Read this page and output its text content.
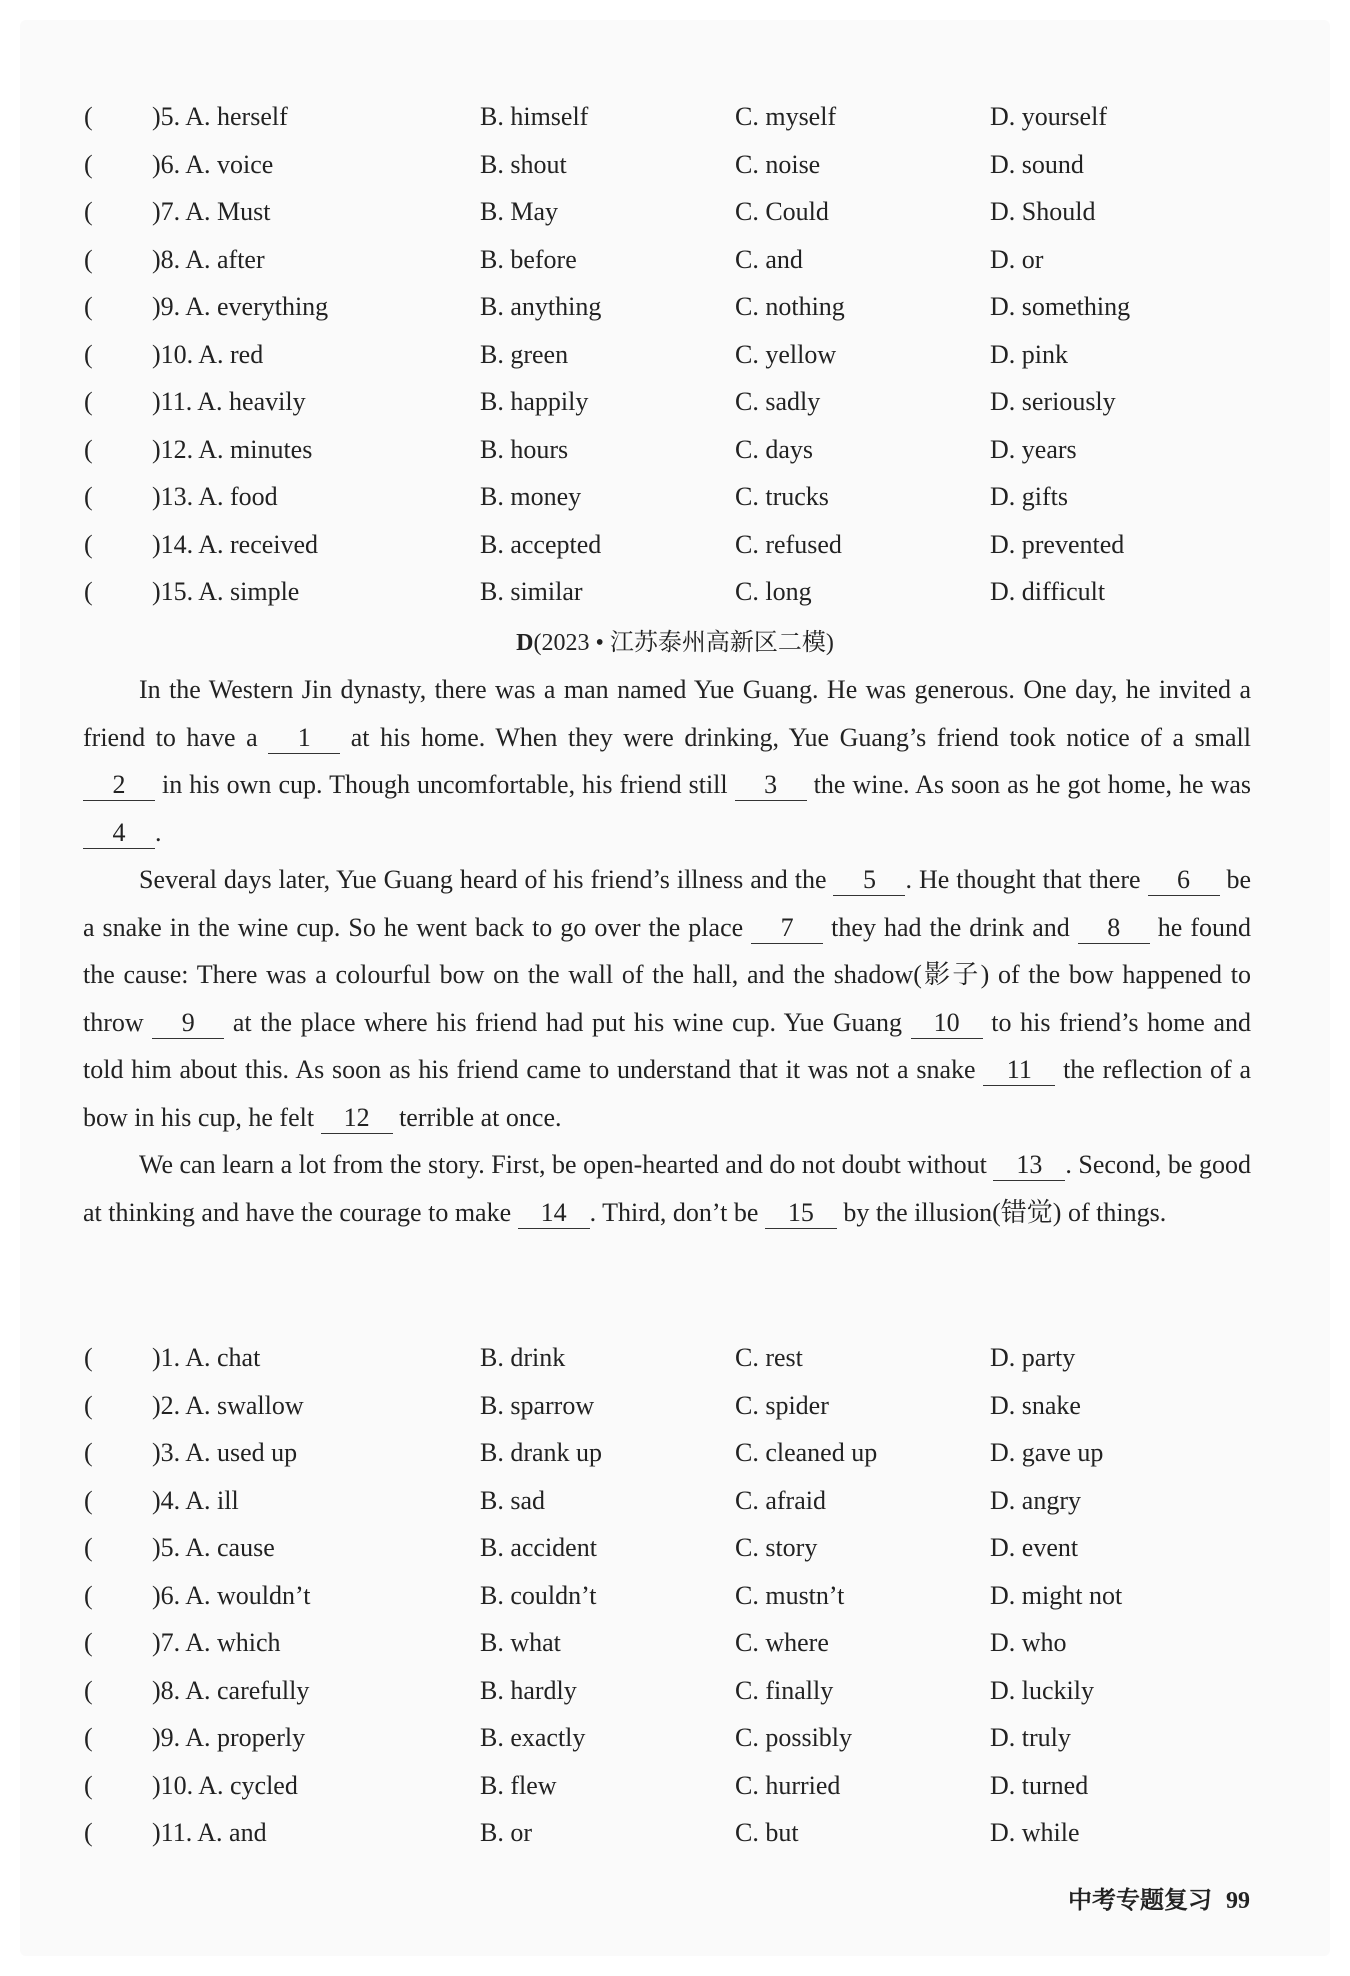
( )5. A. herself	B. himself	C. myself	D. yourself
( )6. A. voice	B. shout	C. noise	D. sound
( )7. A. Must	B. May	C. Could	D. Should
( )8. A. after	B. before	C. and	D. or
( )9. A. everything	B. anything	C. nothing	D. something
( )10. A. red	B. green	C. yellow	D. pink
( )11. A. heavily	B. happily	C. sadly	D. seriously
( )12. A. minutes	B. hours	C. days	D. years
( )13. A. food	B. money	C. trucks	D. gifts
( )14. A. received	B. accepted	C. refused	D. prevented
( )15. A. simple	B. similar	C. long	D. difficult
D(2023 • 江苏泰州高新区二模)

In the Western Jin dynasty, there was a man named Yue Guang. He was generous. One day, he invited a friend to have a 1 at his home. When they were drinking, Yue Guang’s friend took notice of a small 2 in his own cup. Though uncomfortable, his friend still 3 the wine. As soon as he got home, he was 4 .

Several days later, Yue Guang heard of his friend’s illness and the 5 . He thought that there 6 be a snake in the wine cup. So he went back to go over the place 7 they had the drink and 8 he found the cause: There was a colourful bow on the wall of the hall, and the shadow(影子) of the bow happened to throw 9 at the place where his friend had put his wine cup. Yue Guang 10 to his friend’s home and told him about this. As soon as his friend came to understand that it was not a snake 11 the reflection of a bow in his cup, he felt 12 terrible at once.

We can learn a lot from the story. First, be open-hearted and do not doubt without 13 . Second, be good at thinking and have the courage to make 14 . Third, don’t be 15 by the illusion(错觉) of things.

( )1. A. chat	B. drink	C. rest	D. party
( )2. A. swallow	B. sparrow	C. spider	D. snake
( )3. A. used up	B. drank up	C. cleaned up	D. gave up
( )4. A. ill	B. sad	C. afraid	D. angry
( )5. A. cause	B. accident	C. story	D. event
( )6. A. wouldn’t	B. couldn’t	C. mustn’t	D. might not
( )7. A. which	B. what	C. where	D. who
( )8. A. carefully	B. hardly	C. finally	D. luckily
( )9. A. properly	B. exactly	C. possibly	D. truly
( )10. A. cycled	B. flew	C. hurried	D. turned
( )11. A. and	B. or	C. but	D. while
中考专题复习 99
